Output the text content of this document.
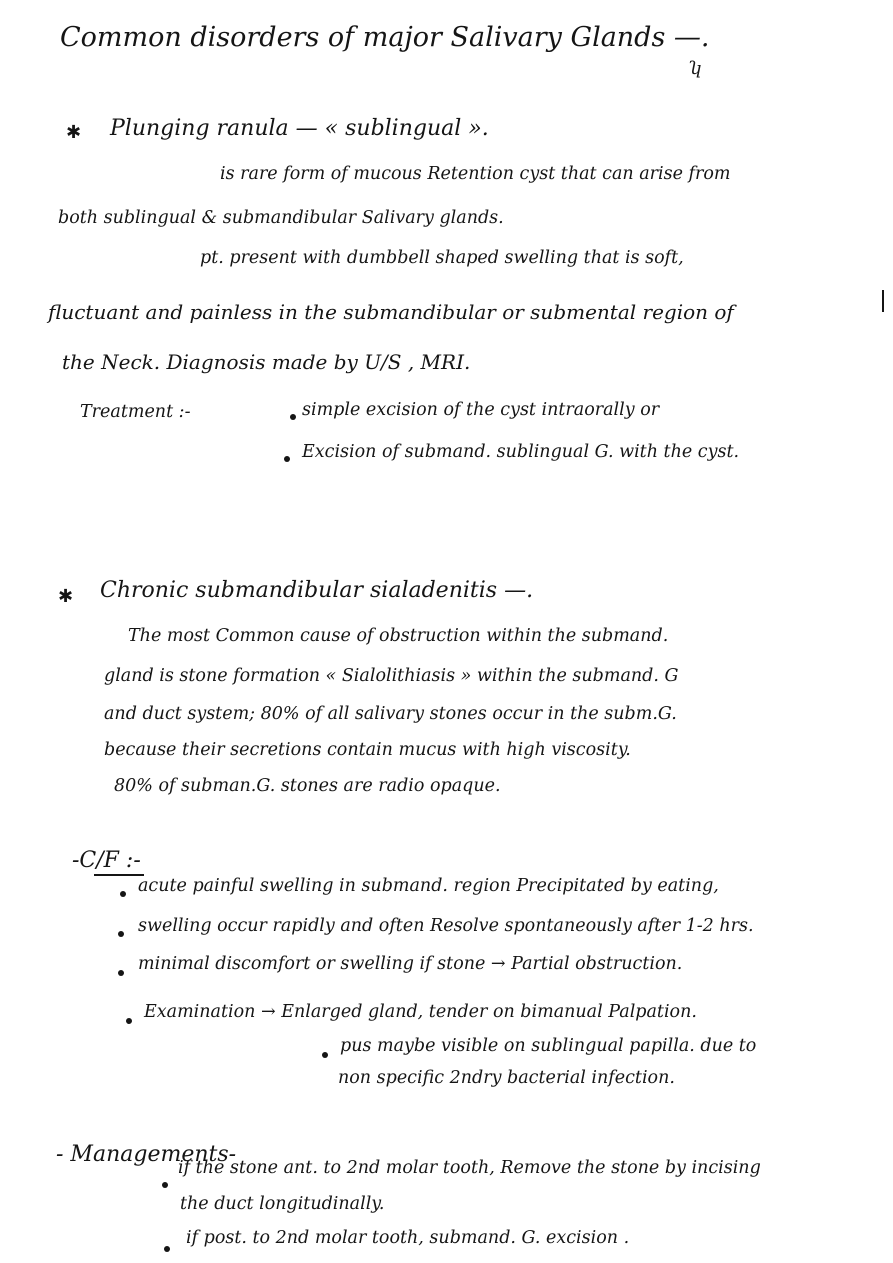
Common disorders of major Salivary Glands —.
ʮ
✱ Plunging ranula — « sublingual ».
is rare form of mucous Retention cyst that can arise from
both sublingual & submandibular Salivary glands.
pt. present with dumbbell shaped swelling that is soft,
fluctuant and painless in the submandibular or submental region of
the Neck. Diagnosis made by U/S , MRI.
Treatment :-	simple excision of the cyst intraorally or
Excision of submand. sublingual G. with the cyst.
✱ Chronic submandibular sialadenitis —.
The most Common cause of obstruction within the submand.
gland is stone formation « Sialolithiasis » within the submand. G
and duct system; 80% of all salivary stones occur in the subm.G.
because their secretions contain mucus with high viscosity.
80% of subman.G. stones are radio opaque.
-C/F :-
acute painful swelling in submand. region Precipitated by eating,
swelling occur rapidly and often Resolve spontaneously after 1-2 hrs.
minimal discomfort or swelling if stone → Partial obstruction.
Examination → Enlarged gland, tender on bimanual Palpation.
pus maybe visible on sublingual papilla. due to
non specific 2ndry bacterial infection.
- Managements-
if the stone ant. to 2nd molar tooth, Remove the stone by incising
the duct longitudinally.
if post. to 2nd molar tooth, submand. G. excision .
